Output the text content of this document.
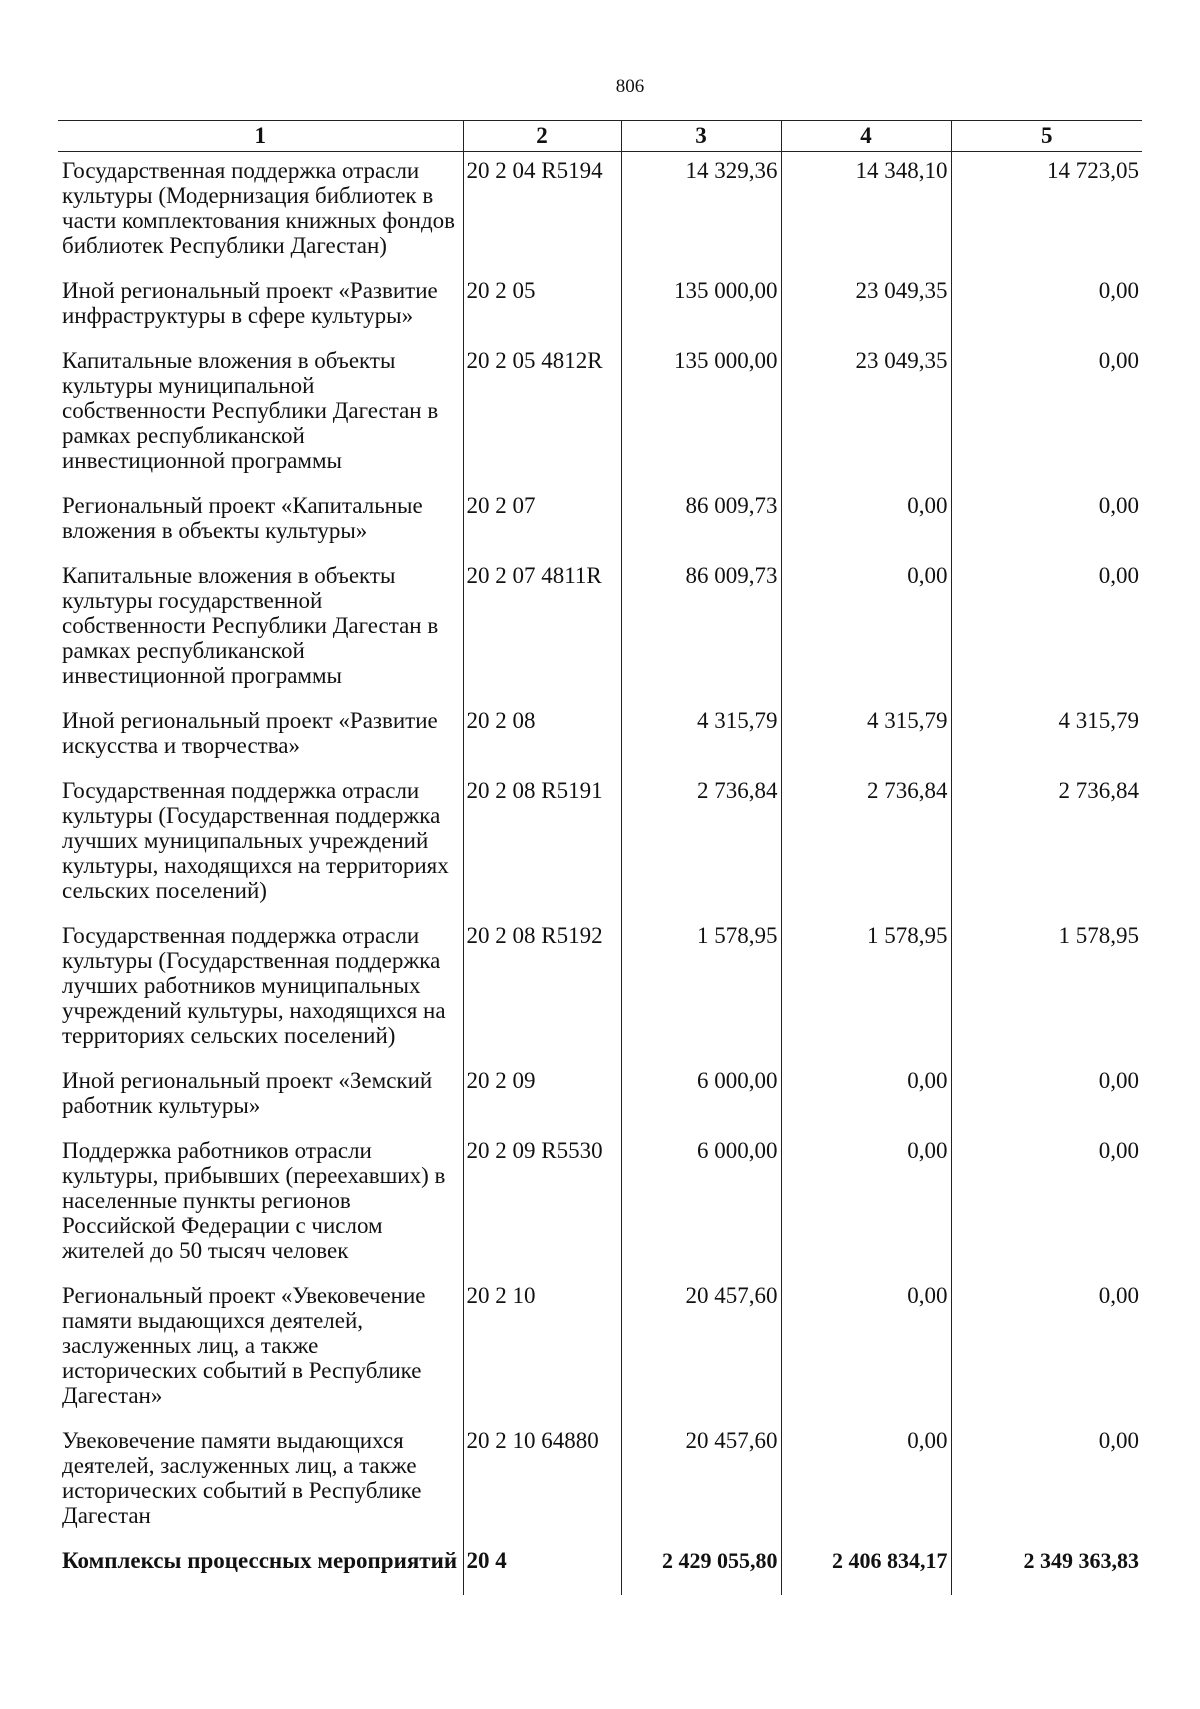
806
1	2	3	4	5
Государственная поддержка отрасли культуры (Модернизация библиотек в части комплектования книжных фондов библиотек Республики Дагестан)	20 2 04 R5194	14 329,36	14 348,10	14 723,05
Иной региональный проект «Развитие инфраструктуры в сфере культуры»	20 2 05	135 000,00	23 049,35	0,00
Капитальные вложения в объекты культуры муниципальной собственности Республики Дагестан в рамках республиканской инвестиционной программы	20 2 05 4812R	135 000,00	23 049,35	0,00
Региональный проект «Капитальные вложения в объекты культуры»	20 2 07	86 009,73	0,00	0,00
Капитальные вложения в объекты культуры государственной собственности Республики Дагестан в рамках республиканской инвестиционной программы	20 2 07 4811R	86 009,73	0,00	0,00
Иной региональный проект «Развитие искусства и творчества»	20 2 08	4 315,79	4 315,79	4 315,79
Государственная поддержка отрасли культуры (Государственная поддержка лучших муниципальных учреждений культуры, находящихся на территориях сельских поселений)	20 2 08 R5191	2 736,84	2 736,84	2 736,84
Государственная поддержка отрасли культуры (Государственная поддержка лучших работников муниципальных учреждений культуры, находящихся на территориях сельских поселений)	20 2 08 R5192	1 578,95	1 578,95	1 578,95
Иной региональный проект «Земский работник культуры»	20 2 09	6 000,00	0,00	0,00
Поддержка работников отрасли культуры, прибывших (переехавших) в населенные пункты регионов Российской Федерации с числом жителей до 50 тысяч человек	20 2 09 R5530	6 000,00	0,00	0,00
Региональный проект «Увековечение памяти выдающихся деятелей, заслуженных лиц, а также исторических событий в Республике Дагестан»	20 2 10	20 457,60	0,00	0,00
Увековечение памяти выдающихся деятелей, заслуженных лиц, а также исторических событий в Республике Дагестан	20 2 10 64880	20 457,60	0,00	0,00
Комплексы процессных мероприятий	20 4	2 429 055,80	2 406 834,17	2 349 363,83
